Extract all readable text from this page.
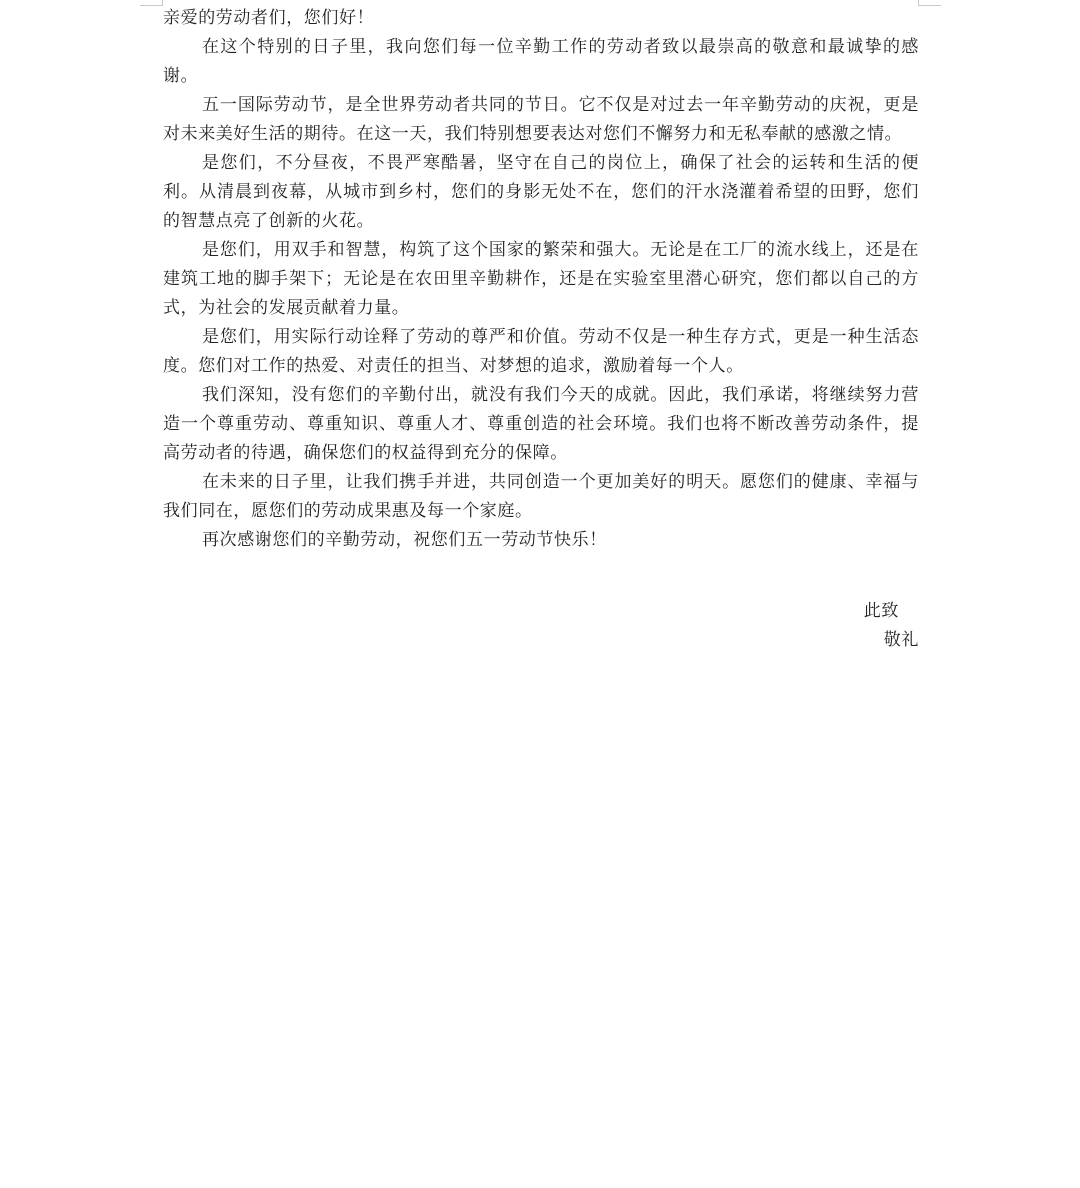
亲爱的劳动者们，您们好！

在这个特别的日子里，我向您们每一位辛勤工作的劳动者致以最崇高的敬意和最诚挚的感谢。

五一国际劳动节，是全世界劳动者共同的节日。它不仅是对过去一年辛勤劳动的庆祝，更是对未来美好生活的期待。在这一天，我们特别想要表达对您们不懈努力和无私奉献的感激之情。

是您们，不分昼夜，不畏严寒酷暑，坚守在自己的岗位上，确保了社会的运转和生活的便利。从清晨到夜幕，从城市到乡村，您们的身影无处不在，您们的汗水浇灌着希望的田野，您们的智慧点亮了创新的火花。

是您们，用双手和智慧，构筑了这个国家的繁荣和强大。无论是在工厂的流水线上，还是在建筑工地的脚手架下；无论是在农田里辛勤耕作，还是在实验室里潜心研究，您们都以自己的方式，为社会的发展贡献着力量。

是您们，用实际行动诠释了劳动的尊严和价值。劳动不仅是一种生存方式，更是一种生活态度。您们对工作的热爱、对责任的担当、对梦想的追求，激励着每一个人。

我们深知，没有您们的辛勤付出，就没有我们今天的成就。因此，我们承诺，将继续努力营造一个尊重劳动、尊重知识、尊重人才、尊重创造的社会环境。我们也将不断改善劳动条件，提高劳动者的待遇，确保您们的权益得到充分的保障。

在未来的日子里，让我们携手并进，共同创造一个更加美好的明天。愿您们的健康、幸福与我们同在，愿您们的劳动成果惠及每一个家庭。

再次感谢您们的辛勤劳动，祝您们五一劳动节快乐！

此致

敬礼
